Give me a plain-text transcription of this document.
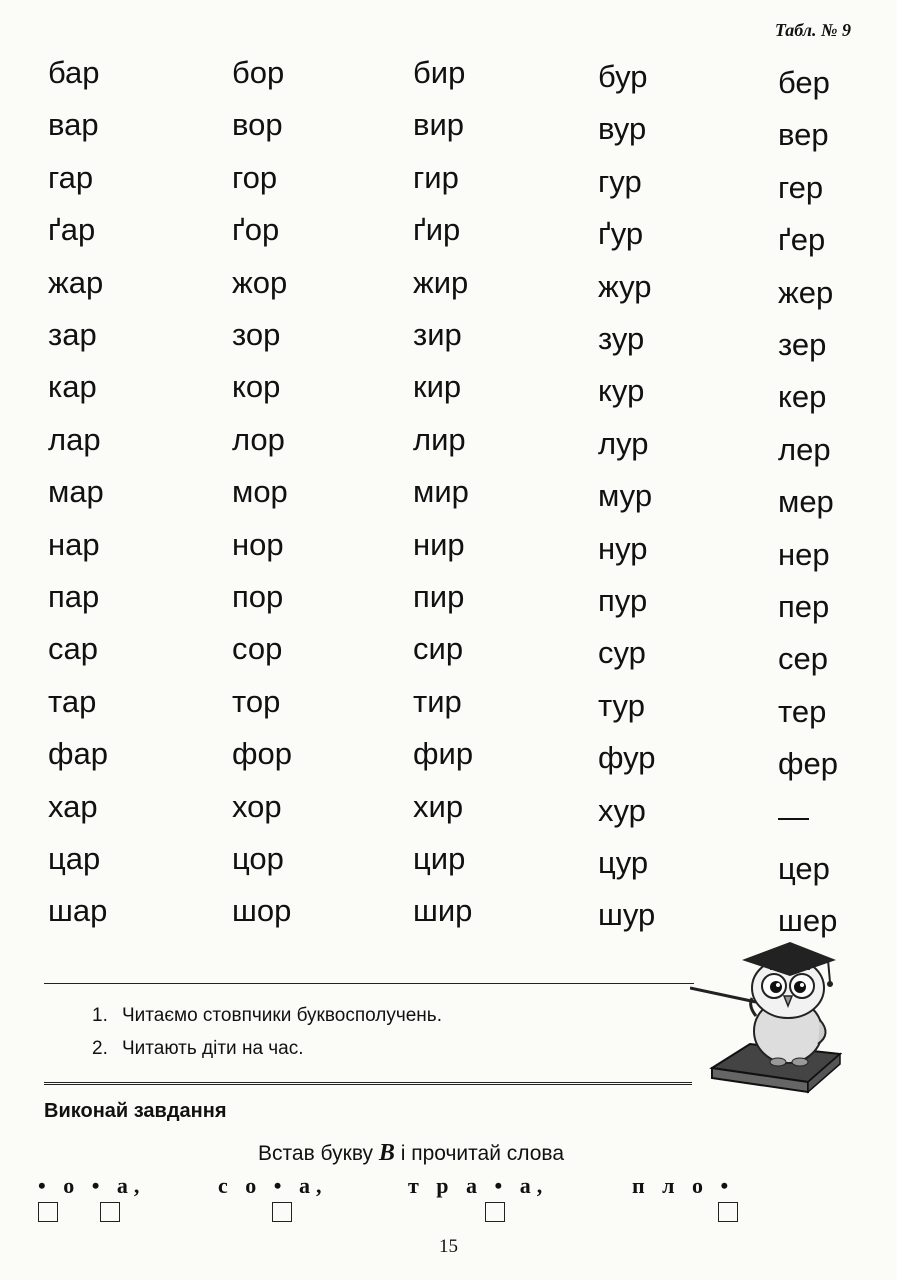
Табл. № 9
бар	бор	бир	бур	бер
вар	вор	вир	вур	вер
гар	гор	гир	гур	гер
ґар	ґор	ґир	ґур	ґер
жар	жор	жир	жур	жер
зар	зор	зир	зур	зер
кар	кор	кир	кур	кер
лар	лор	лир	лур	лер
мар	мор	мир	мур	мер
нар	нор	нир	нур	нер
пар	пор	пир	пур	пер
сар	сор	сир	сур	сер
тар	тор	тир	тур	тер
фар	фор	фир	фур	фер
хар	хор	хир	хур	—
цар	цор	цир	цур	цер
шар	шор	шир	шур	шер
1. Читаємо стовпчики буквосполучень.
2. Читають діти на час.
Виконай завдання
Встав букву В і прочитай слова
• о • а,	с о • а,	т р а • а,	п л о •
15
